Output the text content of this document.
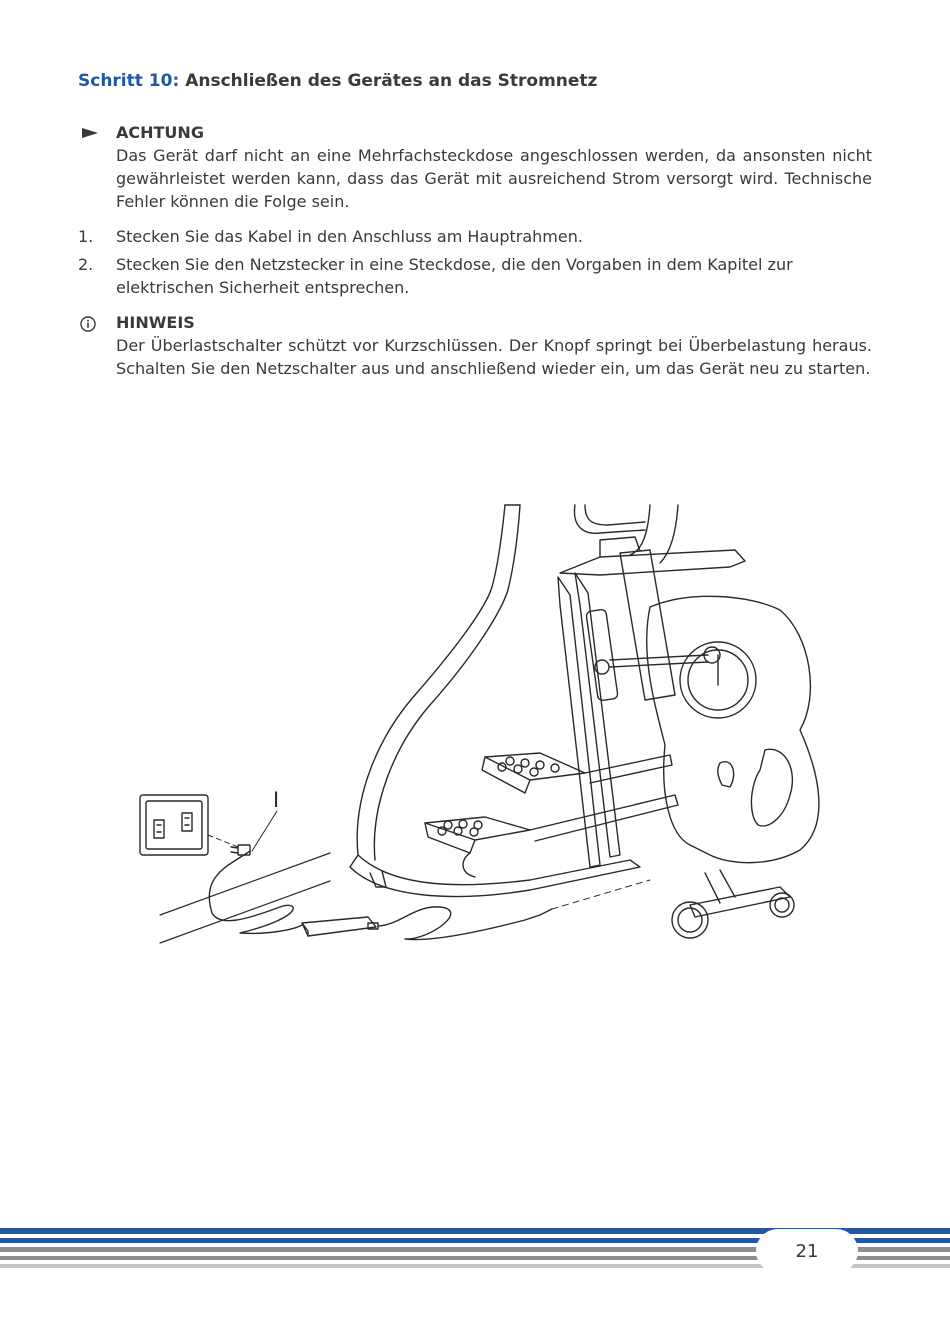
Schritt 10: Anschließen des Gerätes an das Stromnetz
ACHTUNG
Das Gerät darf nicht an eine Mehrfachsteckdose angeschlossen werden, da ansonsten nicht gewährleistet werden kann, dass das Gerät mit ausreichend Strom versorgt wird. Technische Fehler können die Folge sein.
1. Stecken Sie das Kabel in den Anschluss am Hauptrahmen.
2. Stecken Sie den Netzstecker in eine Steckdose, die den Vorgaben in dem Kapitel zur elektrischen Sicherheit entsprechen.
HINWEIS
Der Überlastschalter schützt vor Kurzschlüssen. Der Knopf springt bei Überbelastung heraus. Schalten Sie den Netzschalter aus und anschließend wieder ein, um das Gerät neu zu starten.
I
21
